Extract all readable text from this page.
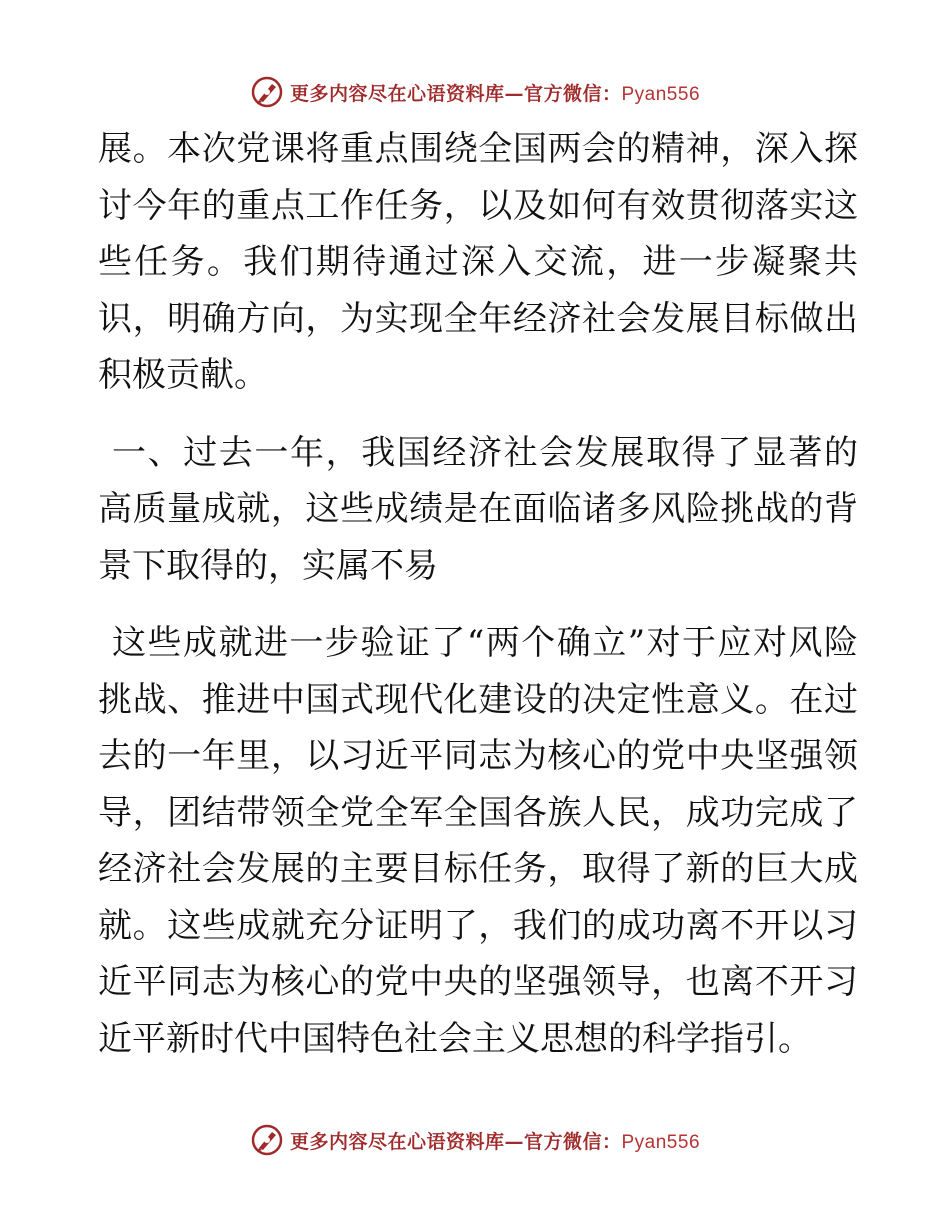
更多内容尽在心语资料库—官方微信：Pyan556

展。本次党课将重点围绕全国两会的精神，深入探讨今年的重点工作任务，以及如何有效贯彻落实这些任务。我们期待通过深入交流，进一步凝聚共识，明确方向，为实现全年经济社会发展目标做出积极贡献。

一、过去一年，我国经济社会发展取得了显著的高质量成就，这些成绩是在面临诸多风险挑战的背景下取得的，实属不易

这些成就进一步验证了“两个确立”对于应对风险挑战、推进中国式现代化建设的决定性意义。在过去的一年里，以习近平同志为核心的党中央坚强领导，团结带领全党全军全国各族人民，成功完成了经济社会发展的主要目标任务，取得了新的巨大成就。这些成就充分证明了，我们的成功离不开以习近平同志为核心的党中央的坚强领导，也离不开习近平新时代中国特色社会主义思想的科学指引。

更多内容尽在心语资料库—官方微信：Pyan556
